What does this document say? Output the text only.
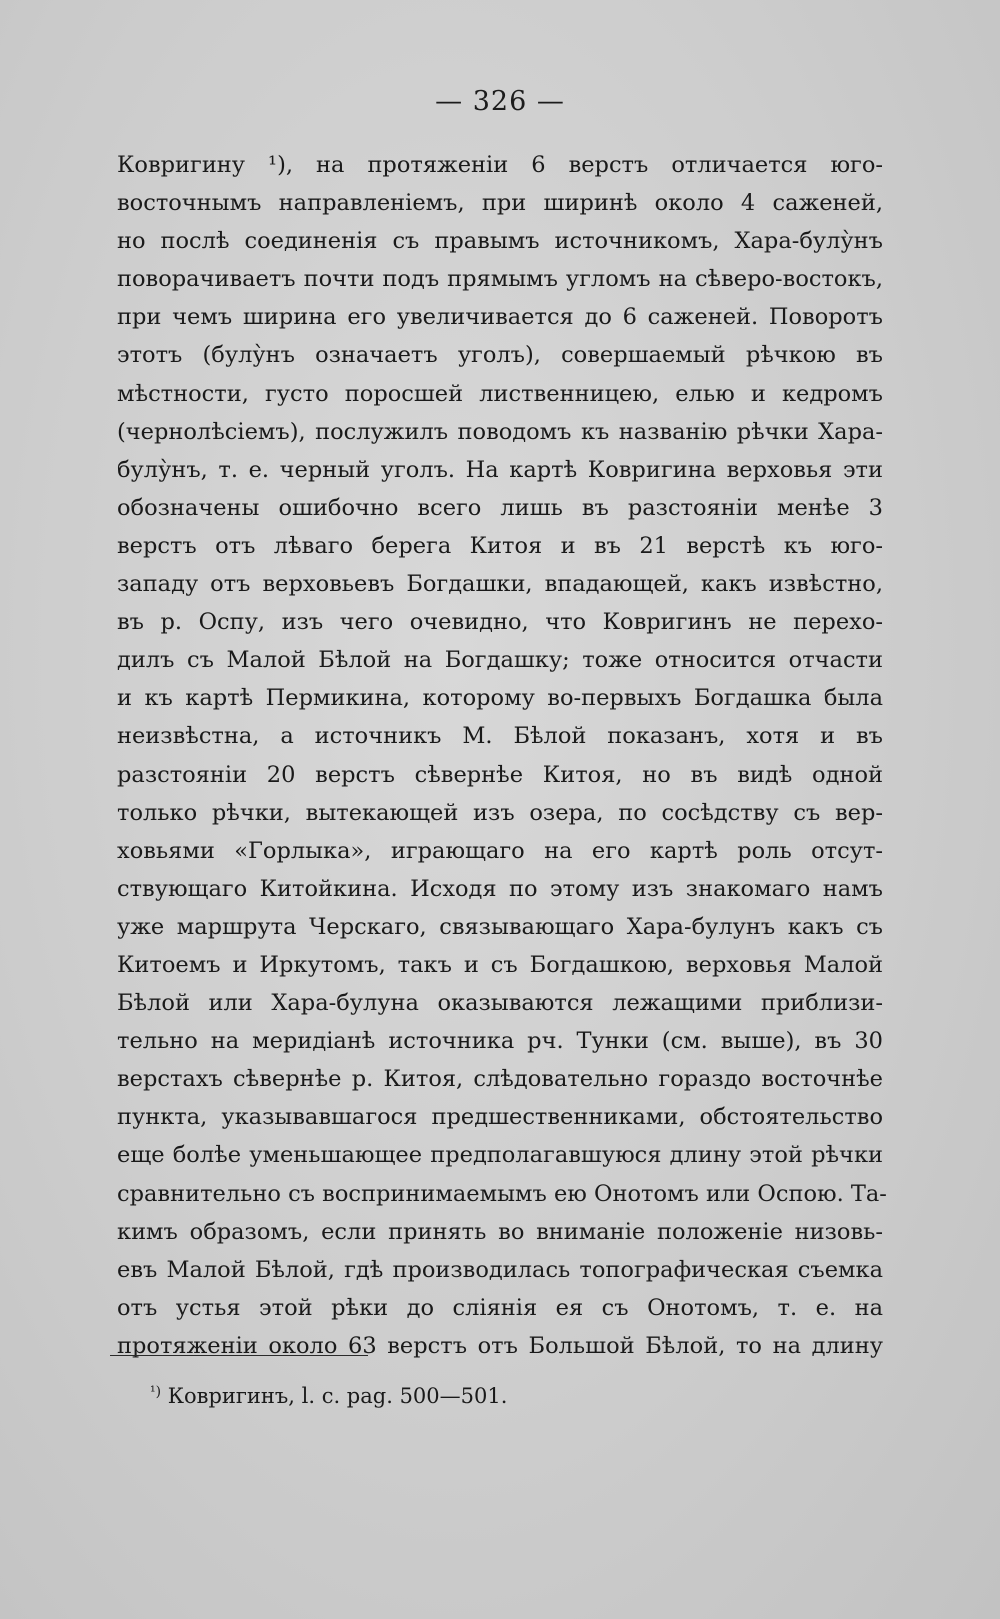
— 326 —
Ковригину ¹), на протяженіи 6 верстъ отличается юго-
восточнымъ направленіемъ, при ширинѣ около 4 саженей,
но послѣ соединенія съ правымъ источникомъ, Хара-булу̀нъ
поворачиваетъ почти подъ прямымъ угломъ на сѣверо-востокъ,
при чемъ ширина его увеличивается до 6 саженей. Поворотъ
этотъ (булу̀нъ означаетъ уголъ), совершаемый рѣчкою въ
мѣстности, густо поросшей лиственницею, елью и кедромъ
(чернолѣсіемъ), послужилъ поводомъ къ названію рѣчки Хара-
булу̀нъ, т. е. черный уголъ. На картѣ Ковригина верховья эти
обозначены ошибочно всего лишь въ разстояніи менѣе 3
верстъ отъ лѣваго берега Китоя и въ 21 верстѣ къ юго-
западу отъ верховьевъ Богдашки, впадающей, какъ извѣстно,
въ р. Оспу, изъ чего очевидно, что Ковригинъ не перехо-
дилъ съ Малой Бѣлой на Богдашку; тоже относится отчасти
и къ картѣ Пермикина, которому во-первыхъ Богдашка была
неизвѣстна, а источникъ М. Бѣлой показанъ, хотя и въ
разстояніи 20 верстъ сѣвернѣе Китоя, но въ видѣ одной
только рѣчки, вытекающей изъ озера, по сосѣдству съ вер-
ховьями «Горлыка», играющаго на его картѣ роль отсут-
ствующаго Китойкина. Исходя по этому изъ знакомаго намъ
уже маршрута Черскаго, связывающаго Хара-булунъ какъ съ
Китоемъ и Иркутомъ, такъ и съ Богдашкою, верховья Малой
Бѣлой или Хара-булуна оказываются лежащими приблизи-
тельно на меридіанѣ источника рч. Тунки (см. выше), въ 30
верстахъ сѣвернѣе р. Китоя, слѣдовательно гораздо восточнѣе
пункта, указывавшагося предшественниками, обстоятельство
еще болѣе уменьшающее предполагавшуюся длину этой рѣчки
сравнительно съ воспринимаемымъ ею Онотомъ или Оспою. Та-
кимъ образомъ, если принять во вниманіе положеніе низовь-
евъ Малой Бѣлой, гдѣ производилась топографическая съемка
отъ устья этой рѣки до слiянія ея съ Онотомъ, т. е. на
протяженіи около 63 верстъ отъ Большой Бѣлой, то на длину
$^{^1)}$ Ковригинъ, l. c. pag. 500—501.
